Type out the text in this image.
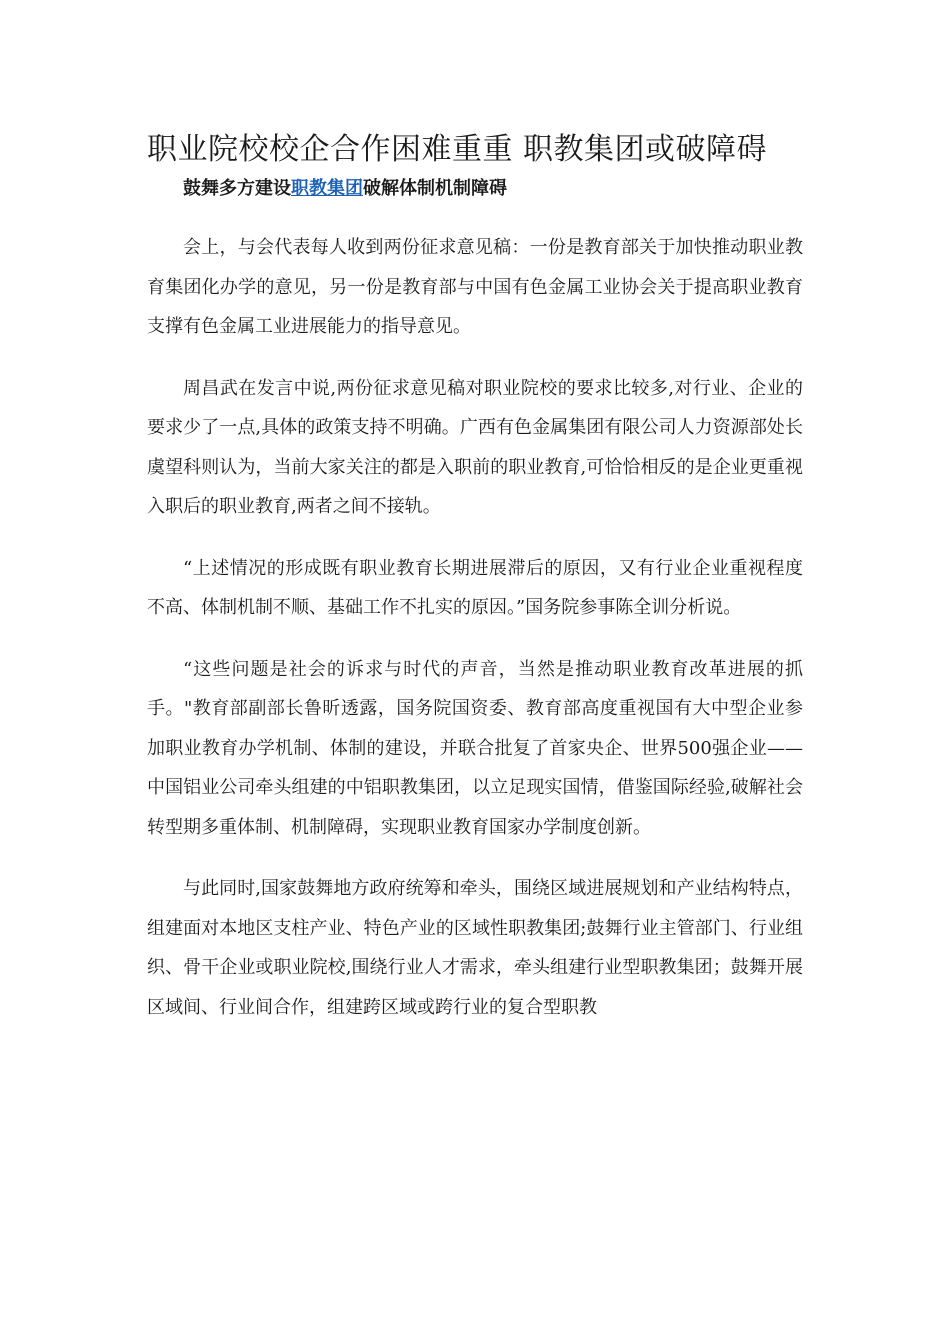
职业院校校企合作困难重重 职教集团或破障碍
鼓舞多方建设职教集团破解体制机制障碍

会上，与会代表每人收到两份征求意见稿：一份是教育部关于加快推动职业教育集团化办学的意见，另一份是教育部与中国有色金属工业协会关于提高职业教育支撑有色金属工业进展能力的指导意见。

周昌武在发言中说,两份征求意见稿对职业院校的要求比较多,对行业、企业的要求少了一点,具体的政策支持不明确。广西有色金属集团有限公司人力资源部处长虞望科则认为，当前大家关注的都是入职前的职业教育,可恰恰相反的是企业更重视入职后的职业教育,两者之间不接轨。

“上述情况的形成既有职业教育长期进展滞后的原因，又有行业企业重视程度不高、体制机制不顺、基础工作不扎实的原因。”国务院参事陈全训分析说。

“这些问题是社会的诉求与时代的声音，当然是推动职业教育改革进展的抓手。"教育部副部长鲁昕透露，国务院国资委、教育部高度重视国有大中型企业参加职业教育办学机制、体制的建设，并联合批复了首家央企、世界500强企业——中国铝业公司牵头组建的中铝职教集团，以立足现实国情，借鉴国际经验,破解社会转型期多重体制、机制障碍，实现职业教育国家办学制度创新。

与此同时,国家鼓舞地方政府统筹和牵头，围绕区域进展规划和产业结构特点，组建面对本地区支柱产业、特色产业的区域性职教集团;鼓舞行业主管部门、行业组织、骨干企业或职业院校,围绕行业人才需求，牵头组建行业型职教集团；鼓舞开展区域间、行业间合作，组建跨区域或跨行业的复合型职教
